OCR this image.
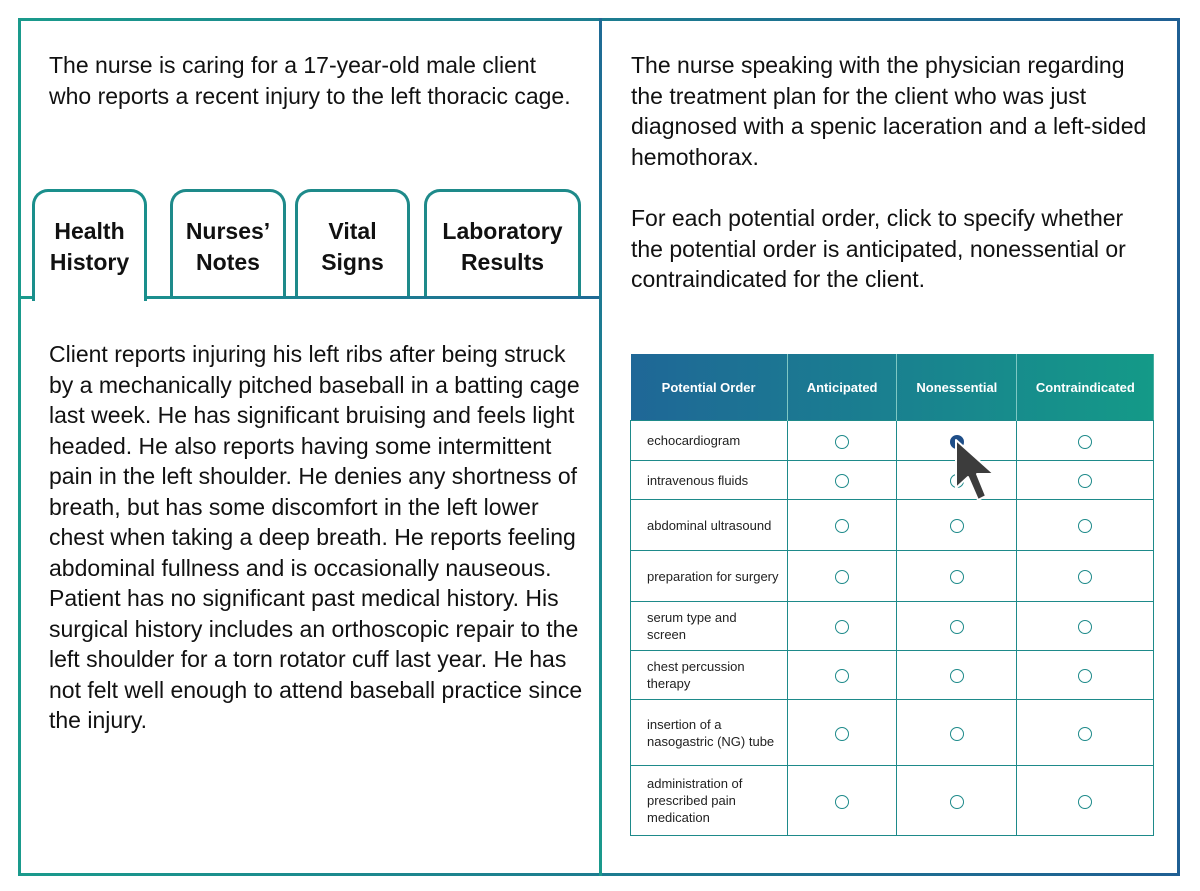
The nurse is caring for a 17-year-old male client who reports a recent injury to the left thoracic cage.

Health
History
Nurses’
Notes
Vital
Signs
Laboratory
Results

Client reports injuring his left ribs after being struck by a mechanically pitched baseball in a batting cage last week. He has significant bruising and feels light headed. He also reports having some intermittent pain in the left shoulder. He denies any shortness of breath, but has some discomfort in the left lower chest when taking a deep breath. He reports feeling abdominal fullness and is occasionally nauseous. Patient has no significant past medical history. His surgical history includes an orthoscopic repair to the left shoulder for a torn rotator cuff last year. He has not felt well enough to attend baseball practice since the injury.

The nurse speaking with the physician regarding the treatment plan for the client who was just diagnosed with a spenic laceration and a left-sided hemothorax.

For each potential order, click to specify whether the potential order is anticipated, nonessential or contraindicated for the client.

Potential Order	Anticipated	Nonessential	Contraindicated
echocardiogram			
intravenous fluids			
abdominal ultrasound			
preparation for surgery			
serum type and screen			
chest percussion therapy			
insertion of a nasogastric (NG) tube			
administration of prescribed pain medication			
